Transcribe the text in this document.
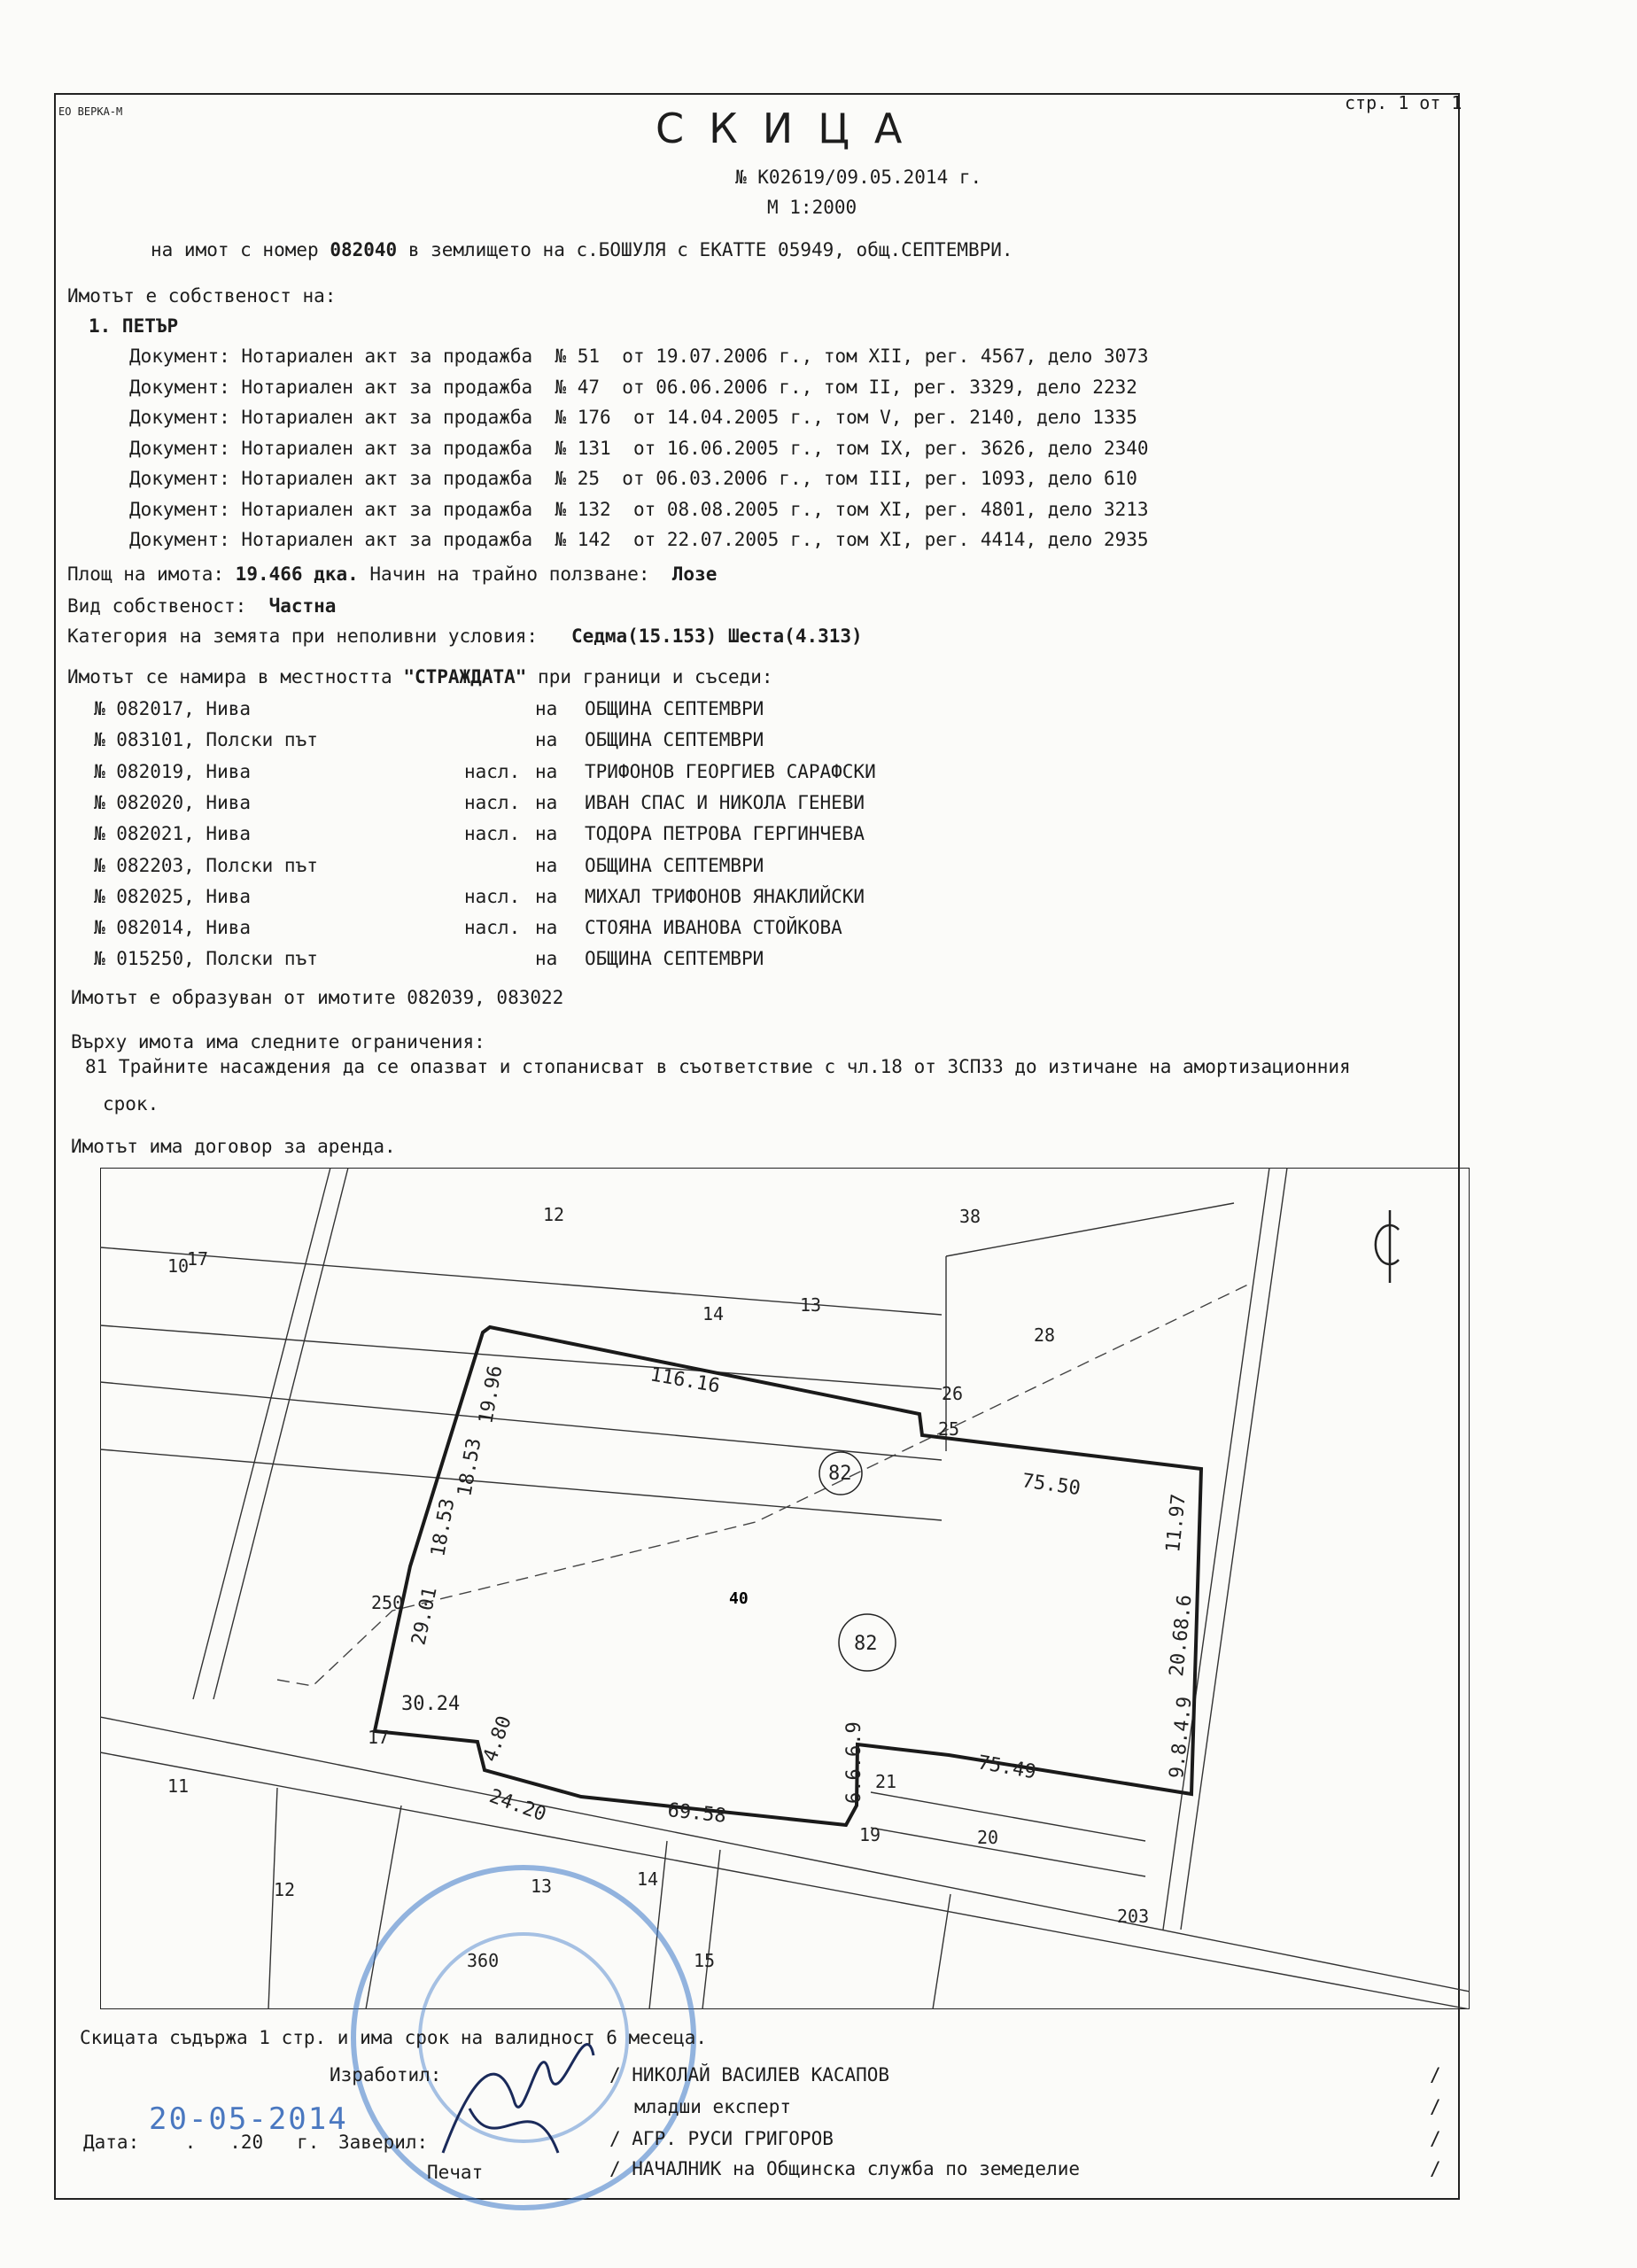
ЕО ВЕРКА-М	стр. 1 от 1
СКИЦА
№ K02619/09.05.2014 г.
М 1:2000
на имот с номер 082040 в землището на с.БОШУЛЯ с ЕКАТТЕ 05949, общ.СЕПТЕМВРИ.
Имотът е собственост на:
1. ПЕТЪР
Документ: Нотариален акт за продажба  № 51  от 19.07.2006 г., том XII, рег. 4567, дело 3073
Документ: Нотариален акт за продажба  № 47  от 06.06.2006 г., том II, рег. 3329, дело 2232
Документ: Нотариален акт за продажба  № 176  от 14.04.2005 г., том V, рег. 2140, дело 1335
Документ: Нотариален акт за продажба  № 131  от 16.06.2005 г., том IX, рег. 3626, дело 2340
Документ: Нотариален акт за продажба  № 25  от 06.03.2006 г., том III, рег. 1093, дело 610
Документ: Нотариален акт за продажба  № 132  от 08.08.2005 г., том XI, рег. 4801, дело 3213
Документ: Нотариален акт за продажба  № 142  от 22.07.2005 г., том XI, рег. 4414, дело 2935
Площ на имота: 19.466 дка. Начин на трайно ползване: Лозе
Вид собственост: Частна
Категория на земята при неполивни условия: Седма(15.153) Шеста(4.313)
Имотът се намира в местността "СТРАЖДАТА" при граници и съседи:
№ 082017, Нива	на ОБЩИНА СЕПТЕМВРИ
№ 083101, Полски път	на ОБЩИНА СЕПТЕМВРИ
№ 082019, Нива	насл. на ТРИФОНОВ ГЕОРГИЕВ САРАФСКИ
№ 082020, Нива	насл. на ИВАН СПАС И НИКОЛА ГЕНЕВИ
№ 082021, Нива	насл. на ТОДОРА ПЕТРОВА ГЕРГИНЧЕВА
№ 082203, Полски път	на ОБЩИНА СЕПТЕМВРИ
№ 082025, Нива	насл. на МИХАЛ ТРИФОНОВ ЯНАКЛИЙСКИ
№ 082014, Нива	насл. на СТОЯНА ИВАНОВА СТОЙКОВА
№ 015250, Полски път	на ОБЩИНА СЕПТЕМВРИ
Имотът е образуван от имотите 082039, 083022
Върху имота има следните ограничения:
81 Трайните насаждения да се опазват и стопанисват в съответствие с чл.18 от ЗСПЗЗ до изтичане на амортизационния
срок.
Имотът има договор за аренда.
40
82
82
116.16
75.50
11.97
20.68.6
9.8.4.9
75.49
6.6.6.9
69.58
24.20
4.80
30.24
29.01
18.53
18.53
19.96
10
17
12	38
14	13
28
26
25
250
17
11	21
19	20
12	13	14
15
203
360
Скицата съдържа 1 стр. и има срок на валидност 6 месеца.
Изработил:	/ НИКОЛАЙ ВАСИЛЕВ КАСАПОВ
младши експерт
Дата: .   .20   г.
20-05-2014
Заверил:	/ АГР. РУСИ ГРИГОРОВ
Печат	/ НАЧАЛНИК на Общинска служба по земеделие
/
/
/
/
